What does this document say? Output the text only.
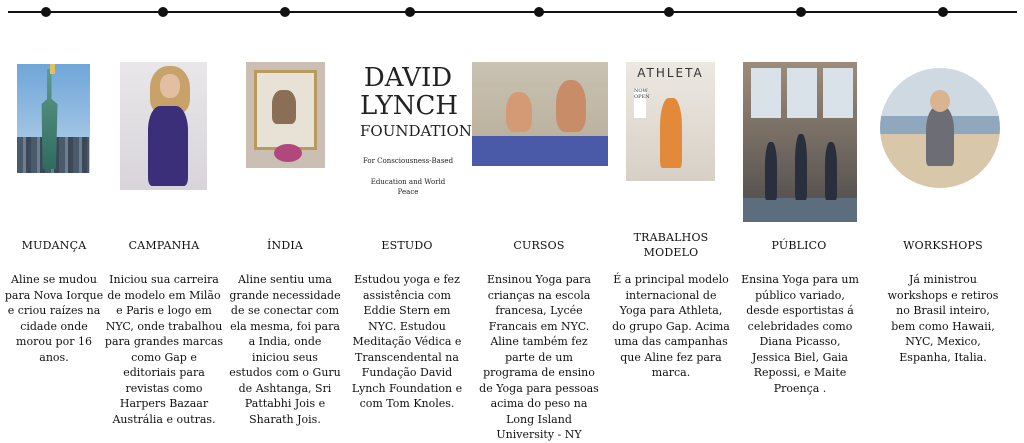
MUDANÇA
Aline se mudou para Nova Iorque e criou raízes na cidade onde morou por 16 anos.
CAMPANHA
Iniciou sua carreira de modelo em Milão e Paris e logo em NYC, onde trabalhou para grandes marcas como Gap e editoriais para revistas como Harpers Bazaar Austrália e outras.
ÍNDIA
Aline sentiu uma grande necessidade de se conectar com ela mesma, foi para a India, onde iniciou seus estudos com o Guru de Ashtanga, Sri Pattabhi Jois e Sharath Jois.
DAVID
LYNCH
FOUNDATION
For Consciousness-Based
Education and World Peace
ESTUDO
Estudou yoga e fez assistência com Eddie Stern em NYC. Estudou Meditação Védica e Transcendental na Fundação David Lynch Foundation e com Tom Knoles.
CURSOS
Ensinou Yoga para crianças na escola francesa, Lycée Francais em NYC. Aline também fez parte de um programa de ensino de Yoga para pessoas acima do peso na Long Island University - NY
ATHLETA
NOW OPEN
TRABALHOS MODELO
É a principal modelo internacional de Yoga para Athleta, do grupo Gap. Acima uma das campanhas que Aline fez para marca.
PÚBLICO
Ensina Yoga para um público variado, desde esportistas á celebridades como Diana Picasso, Jessica Biel, Gaia Repossi, e Maite Proença .
WORKSHOPS
Já ministrou workshops e retiros no Brasil inteiro, bem como Hawaii, NYC, Mexico, Espanha, Italia.
